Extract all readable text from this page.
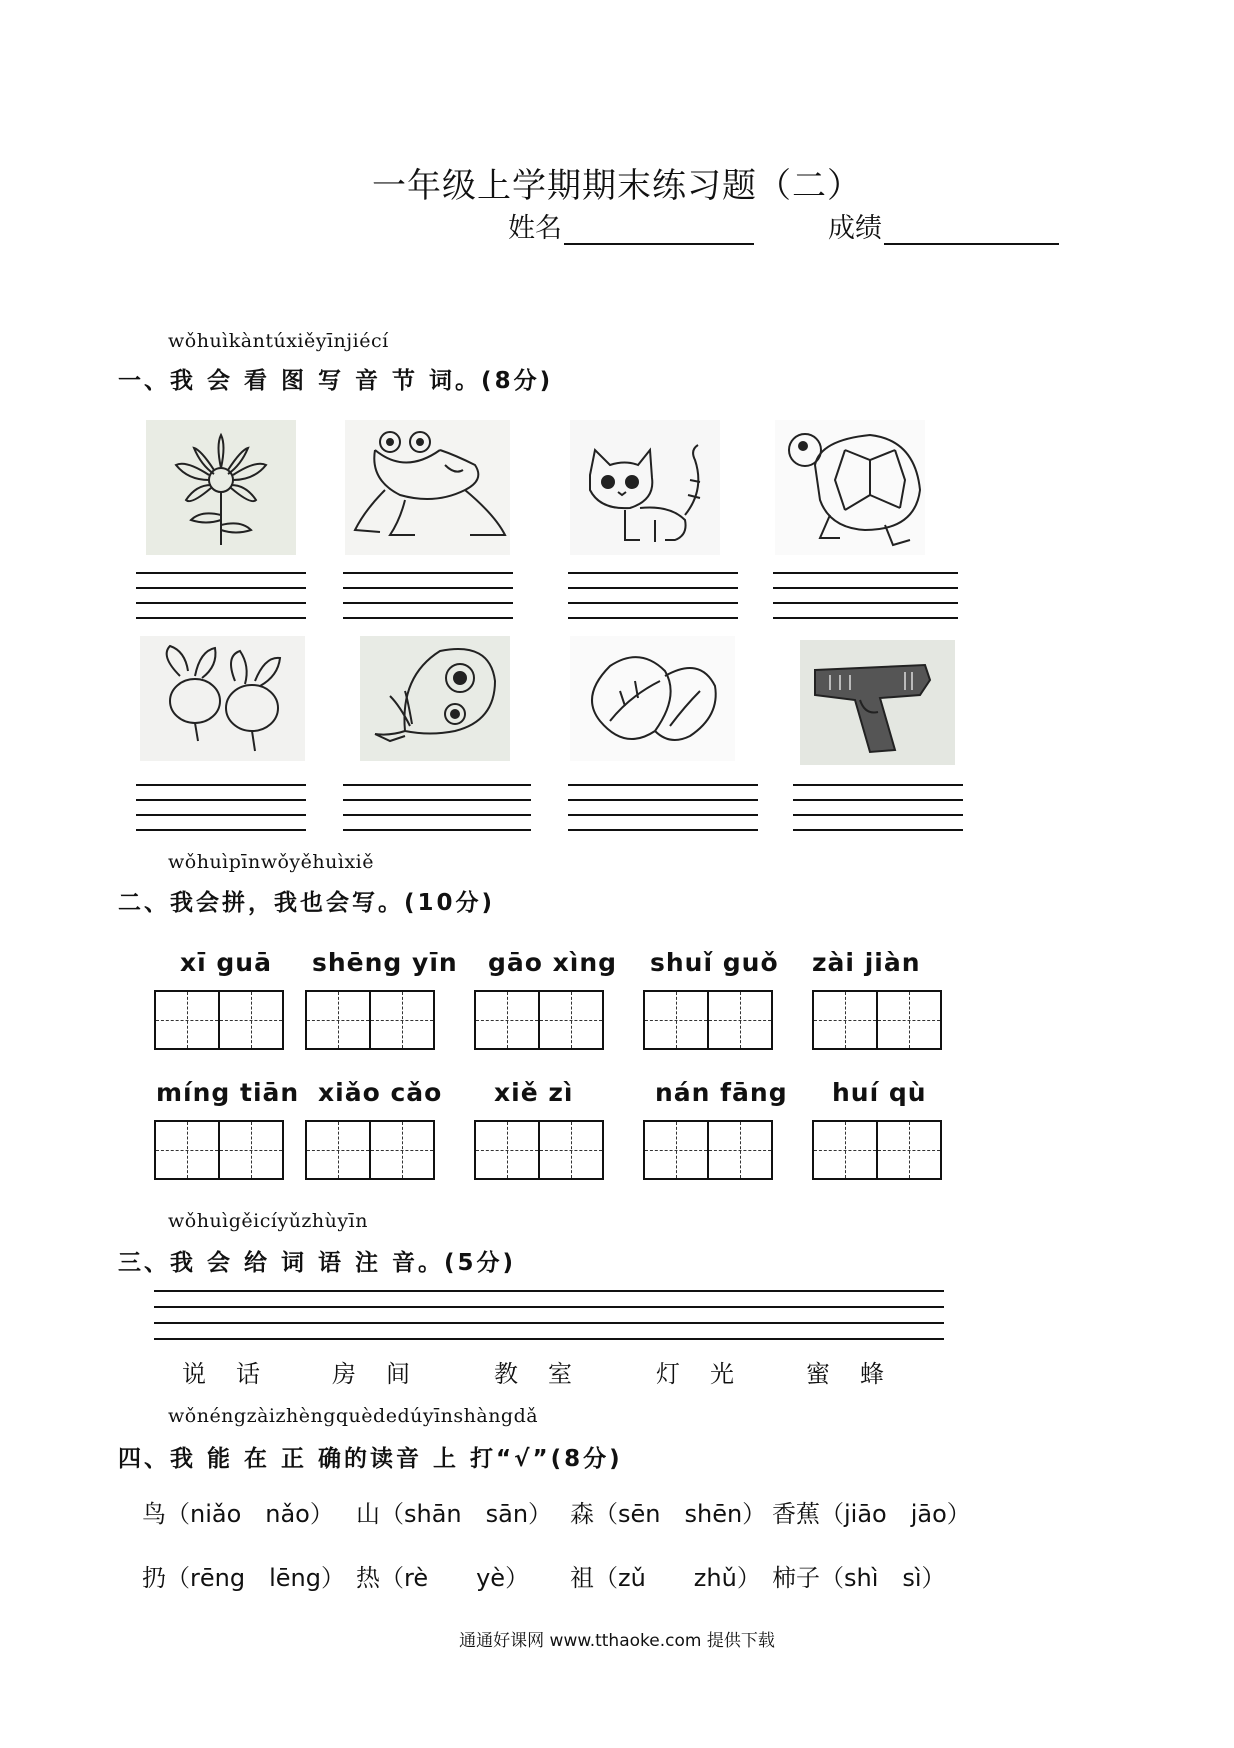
一年级上学期期末练习题（二）
姓名	成绩
wǒhuìkàntúxiěyīnjiécí
一、我 会 看 图 写 音 节 词。(8分)
wǒhuìpīnwǒyěhuìxiě
二、我会拼，我也会写。(10分)
xī guā shēng yīn gāo xìng shuǐ guǒ zài jiàn
míng tiān xiǎo cǎo xiě zì	nán fāng huí qù
wǒhuìgěicíyǔzhùyīn
三、我 会 给 词 语 注 音。(5分)
说话 房间 教室 灯光 蜜蜂
wǒnéngzàizhèngquèdedúyīnshàngdǎ
四、我 能 在 正 确的读音 上 打“√”(8分)
鸟（niǎo　nǎo） 山（shān　sān） 森（sēn　shēn） 香蕉（jiāo　jāo）
扔（rēng　lēng） 热（rè　　yè） 祖（zǔ　　zhǔ） 柿子（shì　sì）
通通好课网 www.tthaoke.com 提供下载
